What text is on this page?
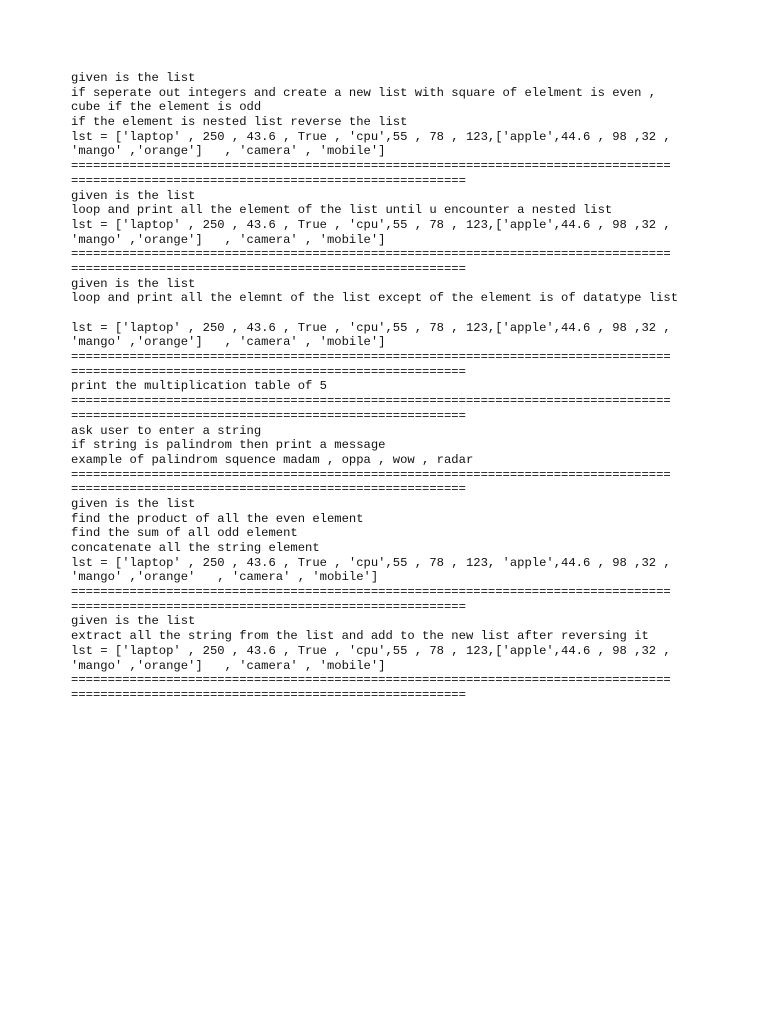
given is the list
if seperate out integers and create a new list with square of elelment is even ,
cube if the element is odd
if the element is nested list reverse the list
lst = ['laptop' , 250 , 43.6 , True , 'cpu',55 , 78 , 123,['apple',44.6 , 98 ,32 ,
'mango' ,'orange']   , 'camera' , 'mobile']
==================================================================================
======================================================
given is the list
loop and print all the element of the list until u encounter a nested list
lst = ['laptop' , 250 , 43.6 , True , 'cpu',55 , 78 , 123,['apple',44.6 , 98 ,32 ,
'mango' ,'orange']   , 'camera' , 'mobile']
==================================================================================
======================================================
given is the list
loop and print all the elemnt of the list except of the element is of datatype list
lst = ['laptop' , 250 , 43.6 , True , 'cpu',55 , 78 , 123,['apple',44.6 , 98 ,32 ,
'mango' ,'orange']   , 'camera' , 'mobile']
==================================================================================
======================================================
print the multiplication table of 5
==================================================================================
======================================================
ask user to enter a string
if string is palindrom then print a message
example of palindrom squence madam , oppa , wow , radar
==================================================================================
======================================================
given is the list
find the product of all the even element
find the sum of all odd element
concatenate all the string element
lst = ['laptop' , 250 , 43.6 , True , 'cpu',55 , 78 , 123, 'apple',44.6 , 98 ,32 ,
'mango' ,'orange'   , 'camera' , 'mobile']
==================================================================================
======================================================
given is the list
extract all the string from the list and add to the new list after reversing it
lst = ['laptop' , 250 , 43.6 , True , 'cpu',55 , 78 , 123,['apple',44.6 , 98 ,32 ,
'mango' ,'orange']   , 'camera' , 'mobile']
==================================================================================
======================================================
